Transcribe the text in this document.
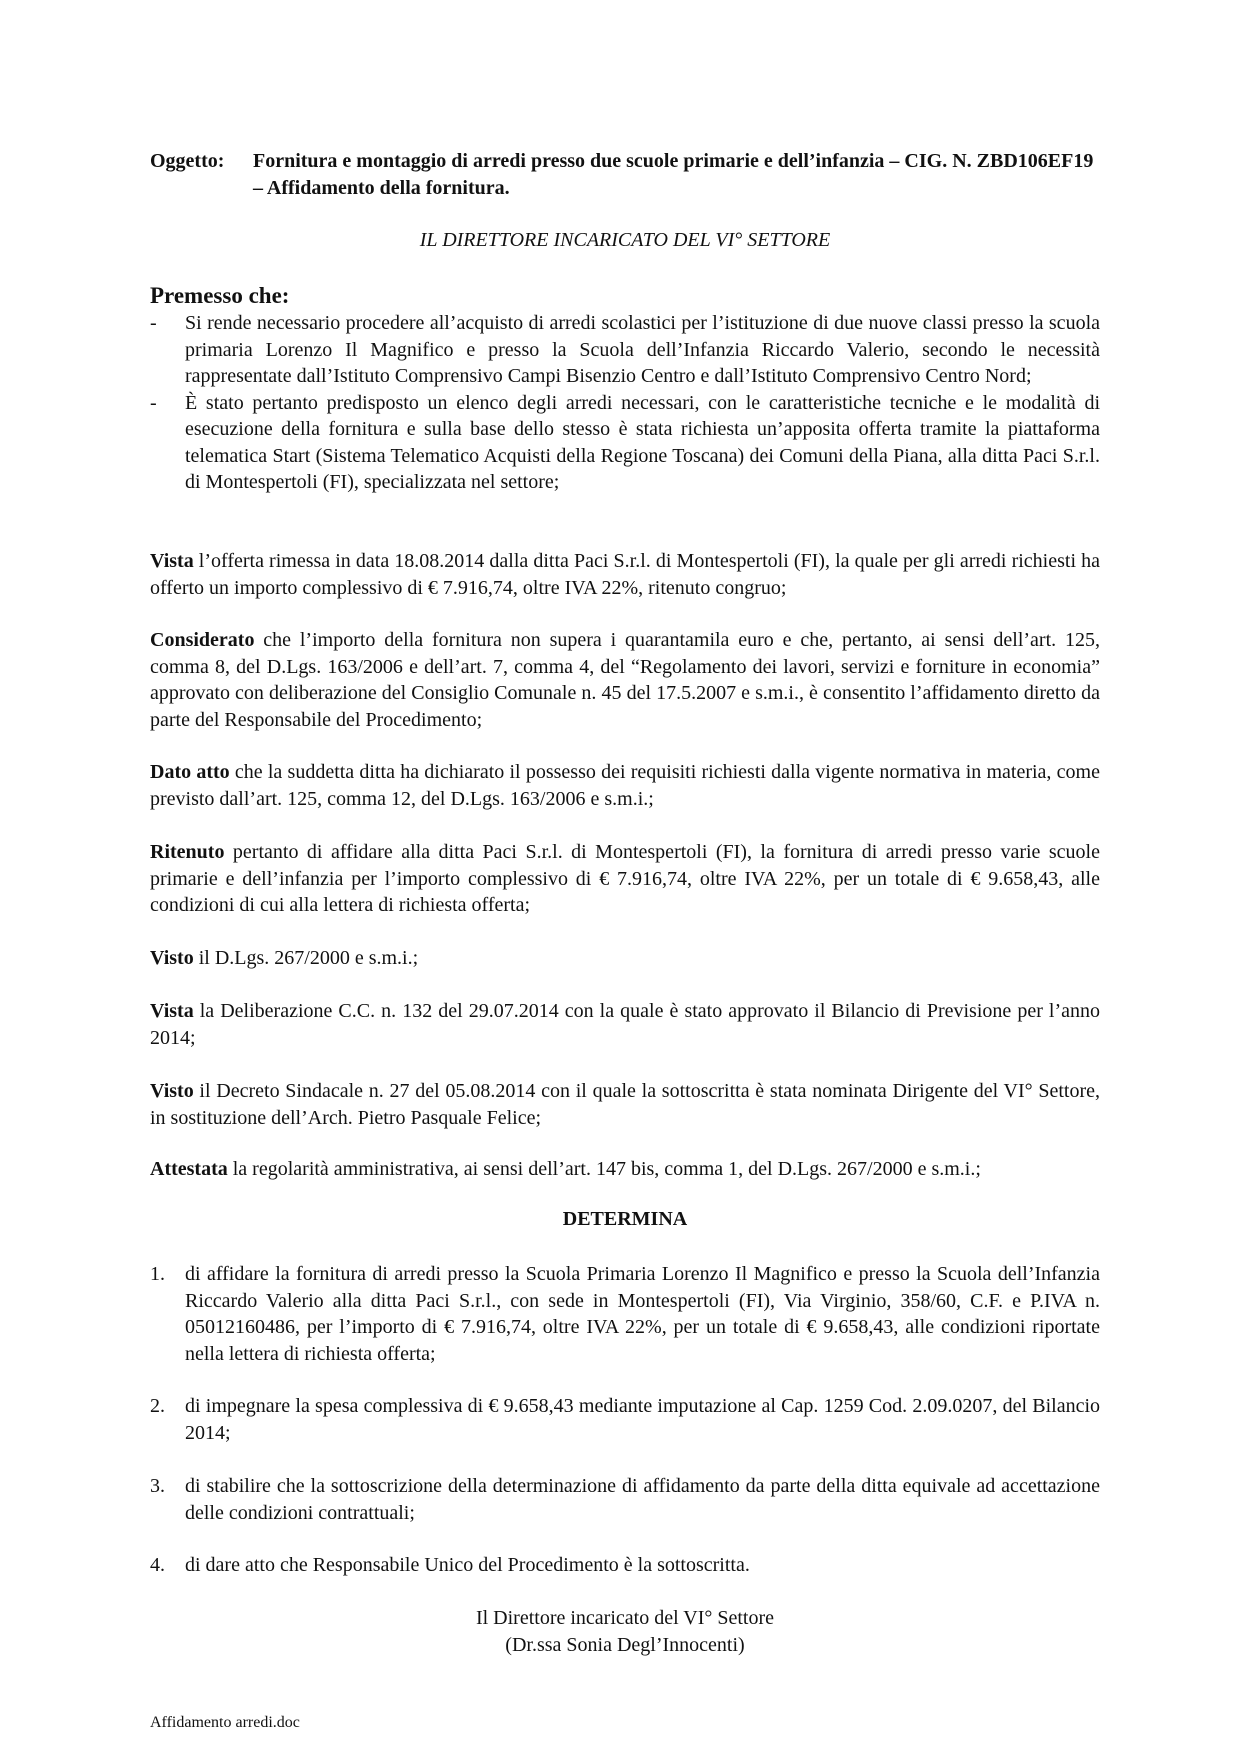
Oggetto:	Fornitura e montaggio di arredi presso due scuole primarie e dell’infanzia – CIG. N. ZBD106EF19 – Affidamento della fornitura.
IL DIRETTORE INCARICATO DEL VI° SETTORE
Premesso che:
-	Si rende necessario procedere all’acquisto di arredi scolastici per l’istituzione di due nuove classi presso la scuola primaria Lorenzo Il Magnifico e presso la Scuola dell’Infanzia Riccardo Valerio, secondo le necessità rappresentate dall’Istituto Comprensivo Campi Bisenzio Centro e dall’Istituto Comprensivo Centro Nord;
-	È stato pertanto predisposto un elenco degli arredi necessari, con le caratteristiche tecniche e le modalità di esecuzione della fornitura e sulla base dello stesso è stata richiesta un’apposita offerta tramite la piattaforma telematica Start (Sistema Telematico Acquisti della Regione Toscana) dei Comuni della Piana, alla ditta Paci S.r.l. di Montespertoli (FI), specializzata nel settore;
Vista l’offerta rimessa in data 18.08.2014 dalla ditta Paci S.r.l. di Montespertoli (FI), la quale per gli arredi richiesti ha offerto un importo complessivo di € 7.916,74, oltre IVA 22%, ritenuto congruo;
Considerato che l’importo della fornitura non supera i quarantamila euro e che, pertanto, ai sensi dell’art. 125, comma 8, del D.Lgs. 163/2006 e dell’art. 7, comma 4, del “Regolamento dei lavori, servizi e forniture in economia” approvato con deliberazione del Consiglio Comunale n. 45 del 17.5.2007 e s.m.i., è consentito l’affidamento diretto da parte del Responsabile del Procedimento;
Dato atto che la suddetta ditta ha dichiarato il possesso dei requisiti richiesti dalla vigente normativa in materia, come previsto dall’art. 125, comma 12, del D.Lgs. 163/2006 e s.m.i.;
Ritenuto pertanto di affidare alla ditta Paci S.r.l. di Montespertoli (FI), la fornitura di arredi presso varie scuole primarie e dell’infanzia per l’importo complessivo di € 7.916,74, oltre IVA 22%, per un totale di € 9.658,43, alle condizioni di cui alla lettera di richiesta offerta;
Visto il D.Lgs. 267/2000 e s.m.i.;
Vista la Deliberazione C.C. n. 132 del 29.07.2014 con la quale è stato approvato il Bilancio di Previsione per l’anno 2014;
Visto il Decreto Sindacale n. 27 del 05.08.2014 con il quale la sottoscritta è stata nominata Dirigente del VI° Settore, in sostituzione dell’Arch. Pietro Pasquale Felice;
Attestata la regolarità amministrativa, ai sensi dell’art. 147 bis, comma 1, del D.Lgs. 267/2000 e s.m.i.;
DETERMINA
1.	di affidare la fornitura di arredi presso la Scuola Primaria Lorenzo Il Magnifico e presso la Scuola dell’Infanzia Riccardo Valerio alla ditta Paci S.r.l., con sede in Montespertoli (FI), Via Virginio, 358/60, C.F. e P.IVA n. 05012160486, per l’importo di € 7.916,74, oltre IVA 22%, per un totale di € 9.658,43, alle condizioni riportate nella lettera di richiesta offerta;
2.	di impegnare la spesa complessiva di € 9.658,43 mediante imputazione al Cap. 1259 Cod. 2.09.0207, del Bilancio 2014;
3.	di stabilire che la sottoscrizione della determinazione di affidamento da parte della ditta equivale ad accettazione delle condizioni contrattuali;
4.	di dare atto che Responsabile Unico del Procedimento è la sottoscritta.
Il Direttore incaricato del VI° Settore
(Dr.ssa Sonia Degl’Innocenti)
Affidamento arredi.doc
